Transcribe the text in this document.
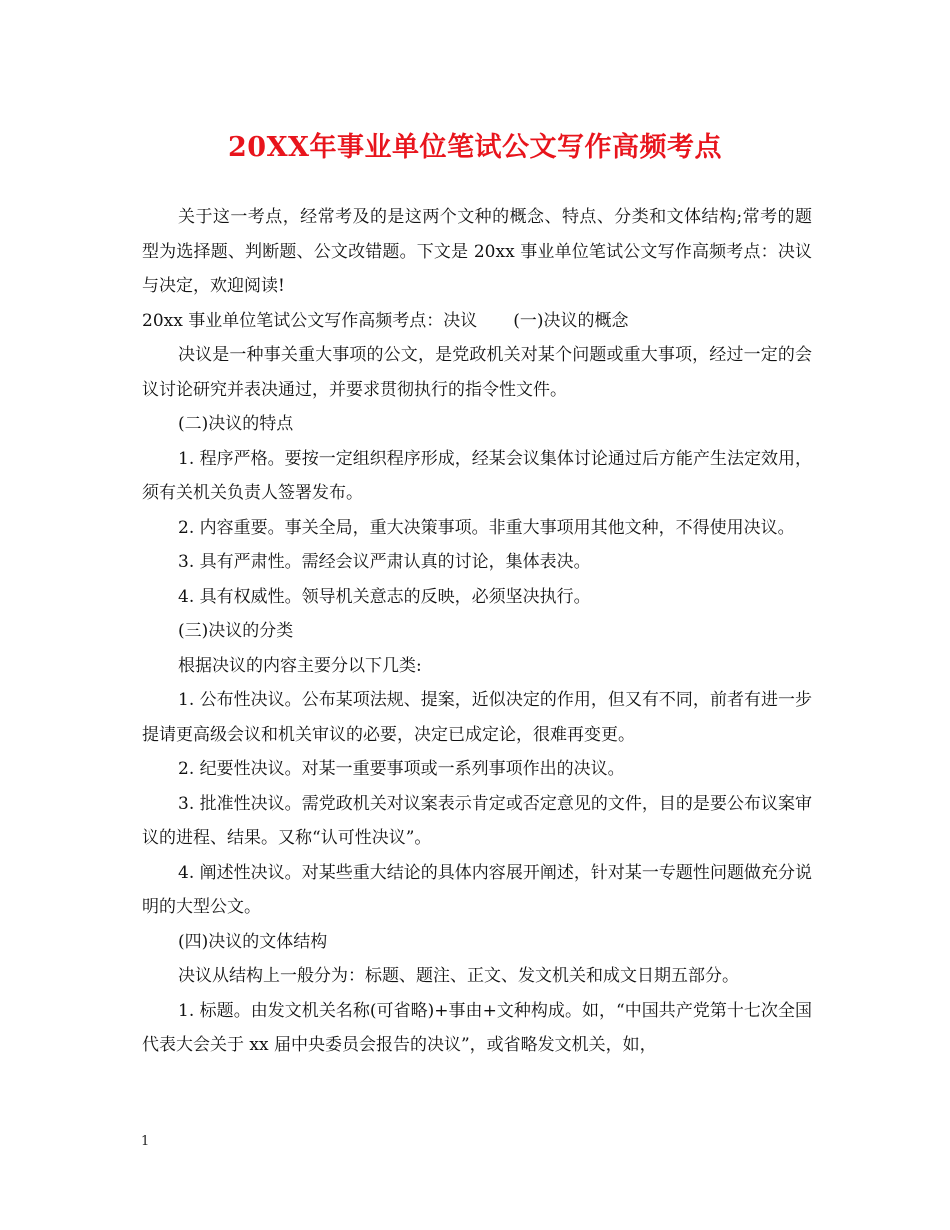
20XX年事业单位笔试公文写作高频考点

关于这一考点，经常考及的是这两个文种的概念、特点、分类和文体结构;常考的题型为选择题、判断题、公文改错题。下文是 20xx 事业单位笔试公文写作高频考点：决议与决定，欢迎阅读!

20xx 事业单位笔试公文写作高频考点：决议 (一)决议的概念

决议是一种事关重大事项的公文，是党政机关对某个问题或重大事项，经过一定的会议讨论研究并表决通过，并要求贯彻执行的指令性文件。

(二)决议的特点

1. 程序严格。要按一定组织程序形成，经某会议集体讨论通过后方能产生法定效用，须有关机关负责人签署发布。

2. 内容重要。事关全局，重大决策事项。非重大事项用其他文种，不得使用决议。

3. 具有严肃性。需经会议严肃认真的讨论，集体表决。

4. 具有权威性。领导机关意志的反映，必须坚决执行。

(三)决议的分类

根据决议的内容主要分以下几类:

1. 公布性决议。公布某项法规、提案，近似决定的作用，但又有不同，前者有进一步提请更高级会议和机关审议的必要，决定已成定论，很难再变更。

2. 纪要性决议。对某一重要事项或一系列事项作出的决议。

3. 批准性决议。需党政机关对议案表示肯定或否定意见的文件，目的是要公布议案审议的进程、结果。又称“认可性决议”。

4. 阐述性决议。对某些重大结论的具体内容展开阐述，针对某一专题性问题做充分说明的大型公文。

(四)决议的文体结构

决议从结构上一般分为：标题、题注、正文、发文机关和成文日期五部分。

1. 标题。由发文机关名称(可省略)+事由+文种构成。如，“中国共产党第十七次全国代表大会关于 xx 届中央委员会报告的决议”，或省略发文机关，如，

1
